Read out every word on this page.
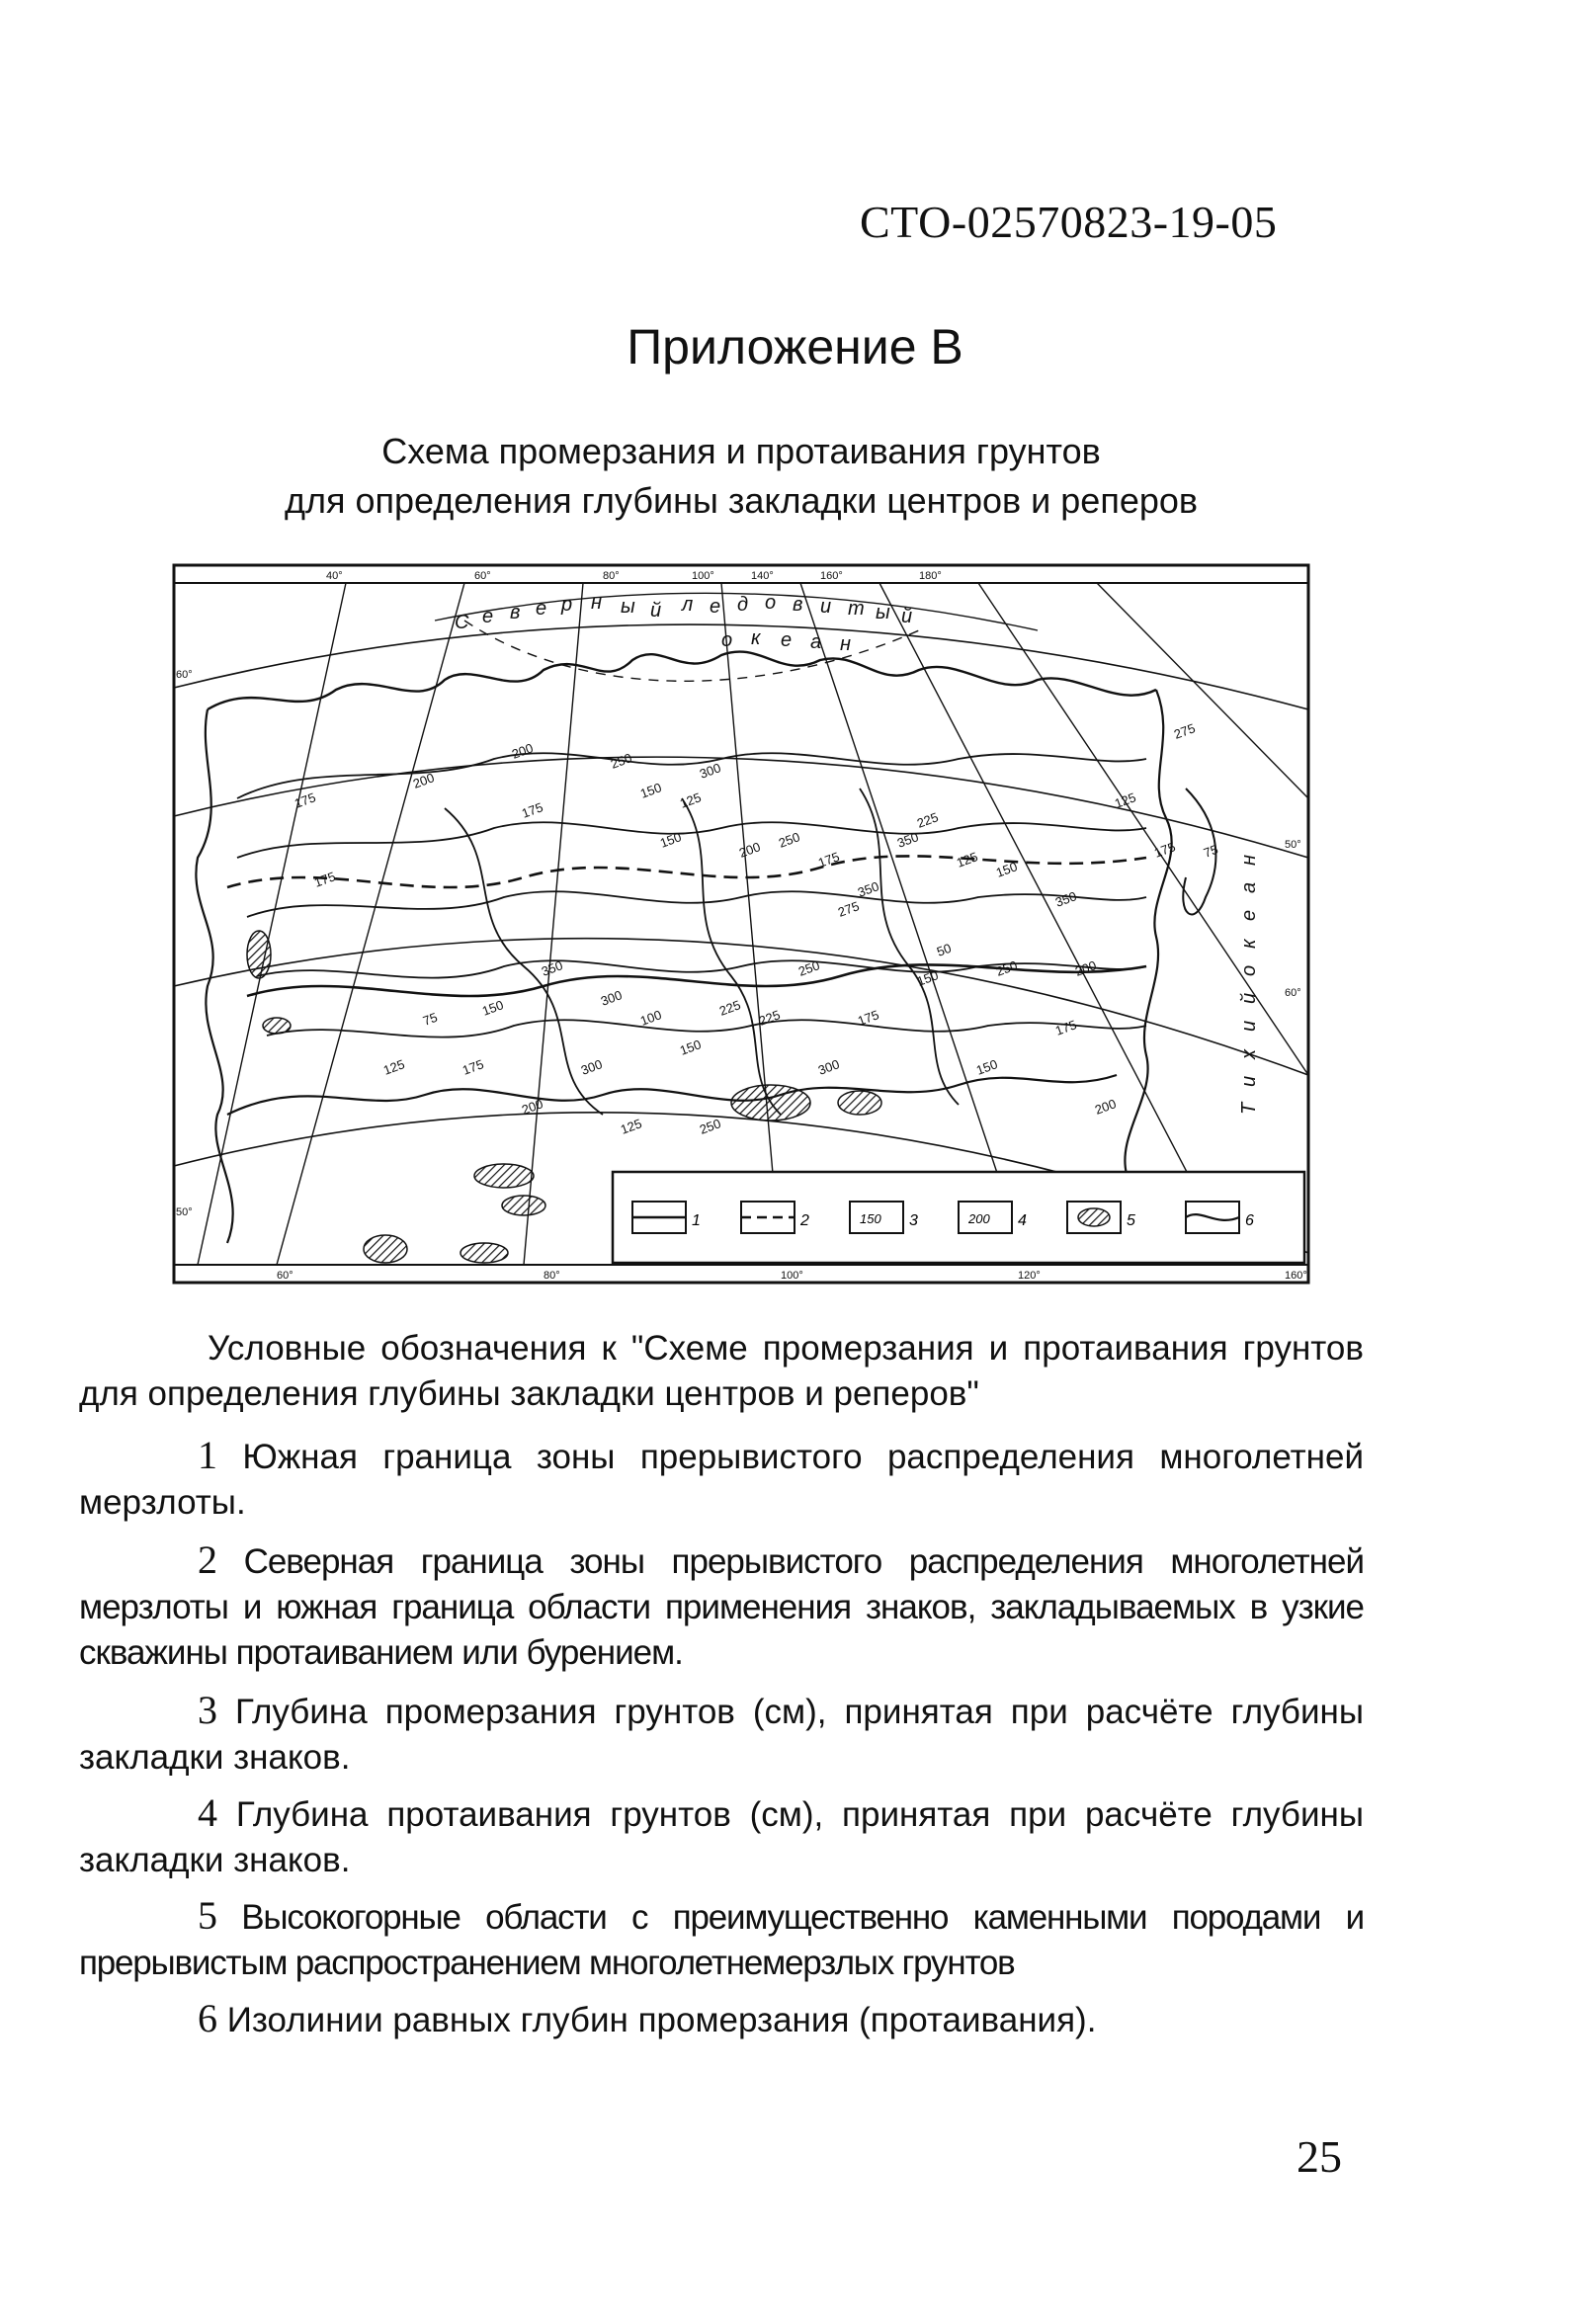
СТО-02570823-19-05
Приложение В
Схема промерзания и протаивания грунтов
для определения глубины закладки центров и реперов
1	2	3	4	5	6
150	200
С е в е р н ы й л е д о в и т ы й
о к е а н
Т
и
х
и
й
о
к
е
а
н
40°	60°	80°	100°	140°	160°	180°
60°	80°	100°	120°	160°
60°
50°
50°
60°
175
175
200
200
175
250
150 125
300
150	200 250
175
275
350
350
225
125 150
350
125
275
175 75
200
250
50
150
175
250
225
225
150
100
300
350
150
75
125	175
200
300
125	250
300	150
175
200
Условные обозначения к "Схеме промерзания и протаивания грунтов для определения глубины закладки центров и реперов"
1 Южная граница зоны прерывистого распределения многолетней мерзлоты.
2 Северная граница зоны прерывистого распределения многолетней мерзлоты и южная граница области применения знаков, закладываемых в узкие скважины протаиванием или бурением.
3 Глубина промерзания грунтов (см), принятая при расчёте глубины закладки знаков.
4 Глубина протаивания грунтов (см), принятая при расчёте глубины закладки знаков.
5 Высокогорные области с преимущественно каменными породами и прерывистым распространением многолетнемерзлых грунтов
6 Изолинии равных глубин промерзания (протаивания).
25
